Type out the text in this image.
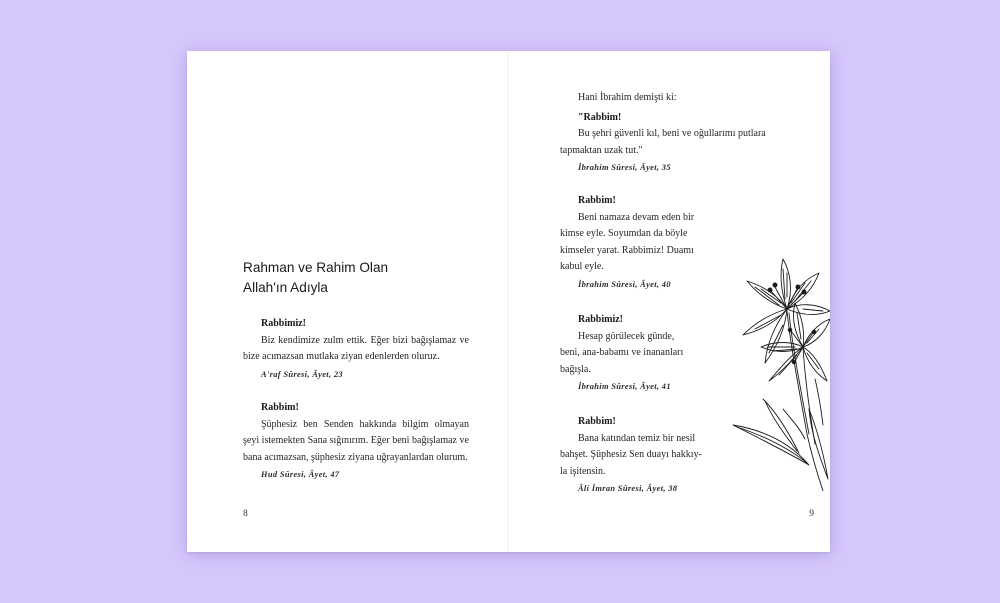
Rahman ve Rahim Olan
Allah'ın Adıyla

Rabbimiz!

Biz kendimize zulm ettik. Eğer bizi bağışlamaz ve bize acımazsan mutlaka ziyan edenlerden oluruz.

A'raf Sûresi, Âyet, 23

Rabbim!

Şüphesiz ben Senden hakkında bilgim olmayan şeyi istemekten Sana sığınırım. Eğer beni bağışlamaz ve bana acımazsan, şüphesiz ziyana uğrayanlardan olurum.

Hud Sûresi, Âyet, 47

8

Hani İbrahim demişti ki:

"Rabbim!

Bu şehri güvenli kıl, beni ve oğullarımı putlara
tapmaktan uzak tut."

İbrahim Sûresi, Âyet, 35

Rabbim!

Beni namaza devam eden bir
kimse eyle. Soyumdan da böyle
kimseler yarat. Rabbimiz! Duamı
kabul eyle.

İbrahim Sûresi, Âyet, 40

Rabbimiz!

Hesap görülecek günde,
beni, ana-babamı ve inananları
bağışla.

İbrahim Sûresi, Âyet, 41

Rabbim!

Bana katından temiz bir nesil
bahşet. Şüphesiz Sen duayı hakkıy-
la işitensin.

Âli İmran Sûresi, Âyet, 38

9
